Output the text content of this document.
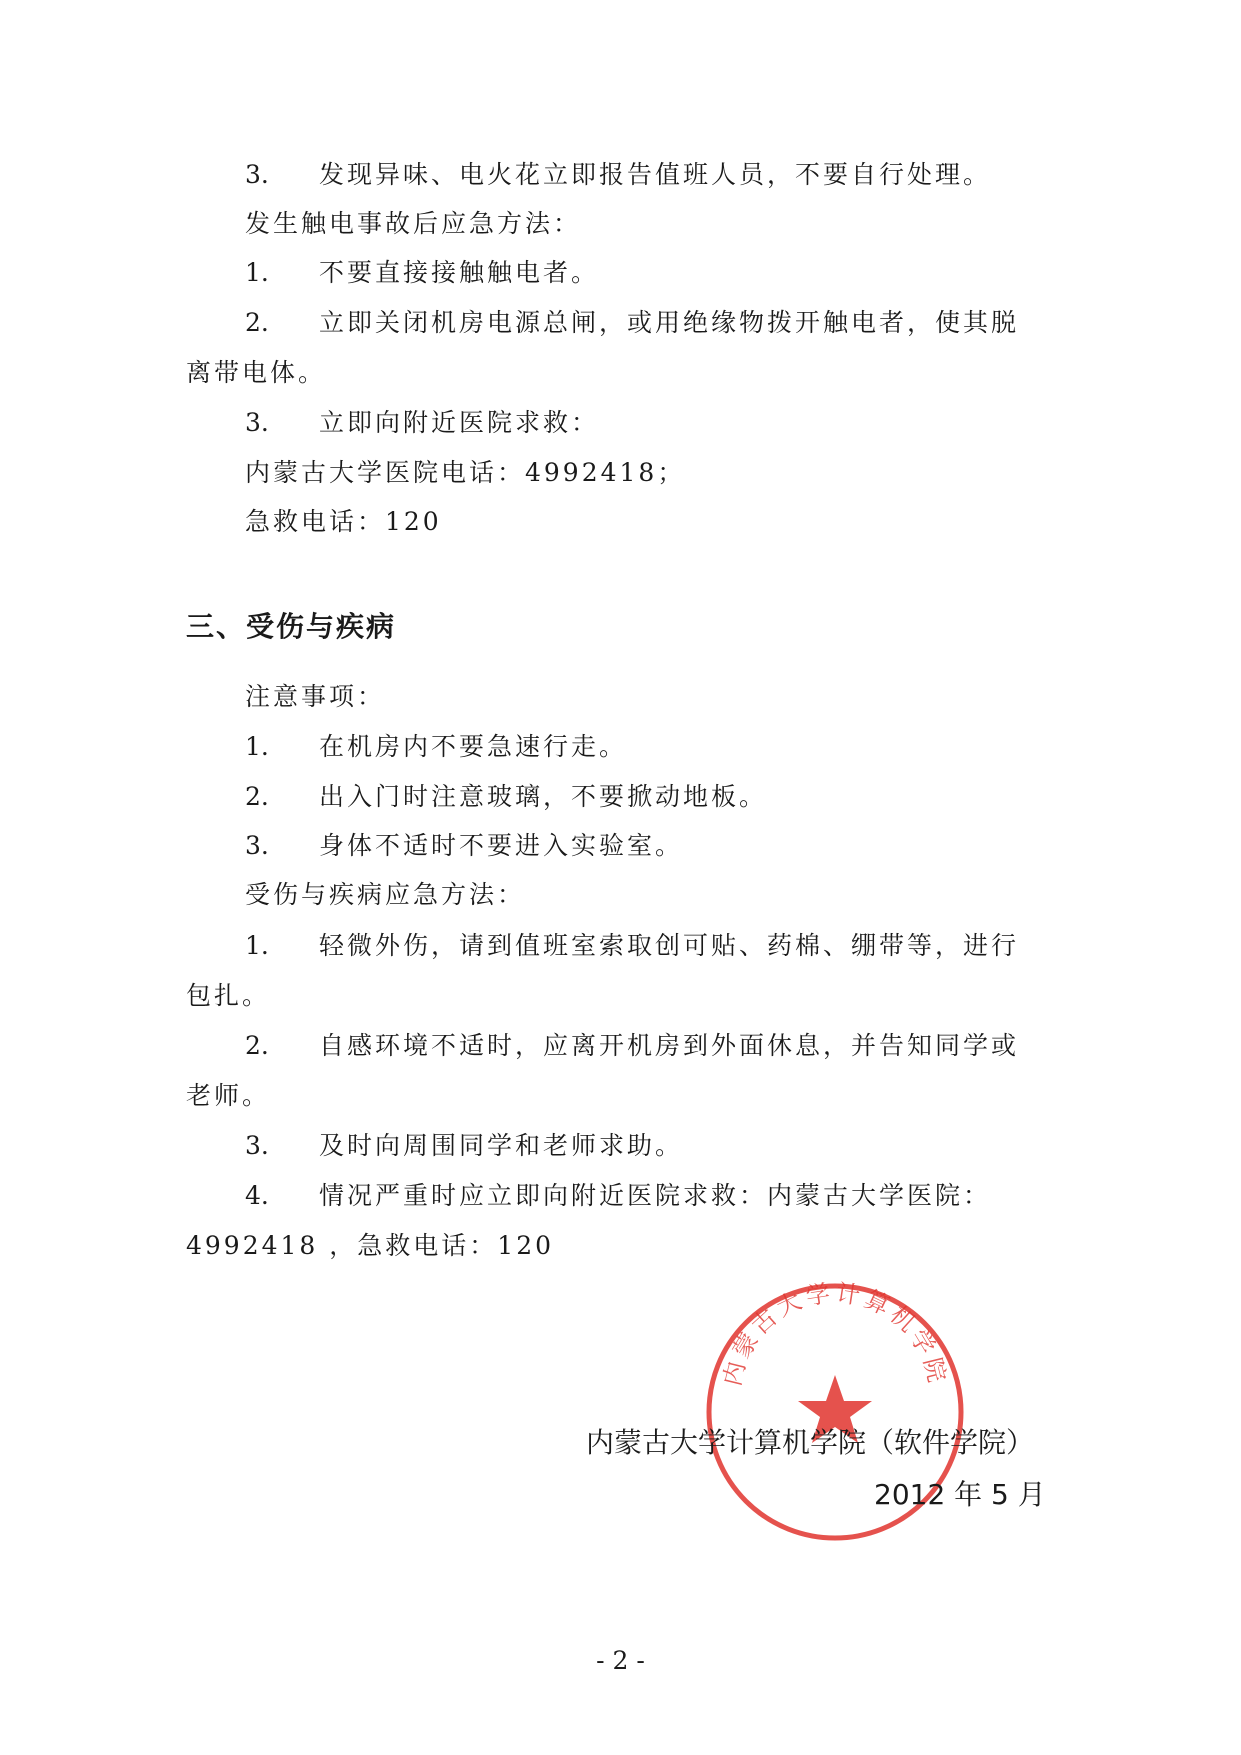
3. 发现异味、电火花立即报告值班人员，不要自行处理。
发生触电事故后应急方法：
1. 不要直接接触触电者。
2. 立即关闭机房电源总闸，或用绝缘物拨开触电者，使其脱
离带电体。
3. 立即向附近医院求救：
内蒙古大学医院电话：4992418；
急救电话：120
三、受伤与疾病
注意事项：
1. 在机房内不要急速行走。
2. 出入门时注意玻璃，不要掀动地板。
3. 身体不适时不要进入实验室。
受伤与疾病应急方法：
1. 轻微外伤，请到值班室索取创可贴、药棉、绷带等，进行
包扎。
2. 自感环境不适时，应离开机房到外面休息，并告知同学或
老师。
3. 及时向周围同学和老师求助。
4. 情况严重时应立即向附近医院求救：内蒙古大学医院：
4992418 ，急救电话：120
内蒙古大学计算机学院
内蒙古大学计算机学院（软件学院）
2012 年 5 月
- 2 -
